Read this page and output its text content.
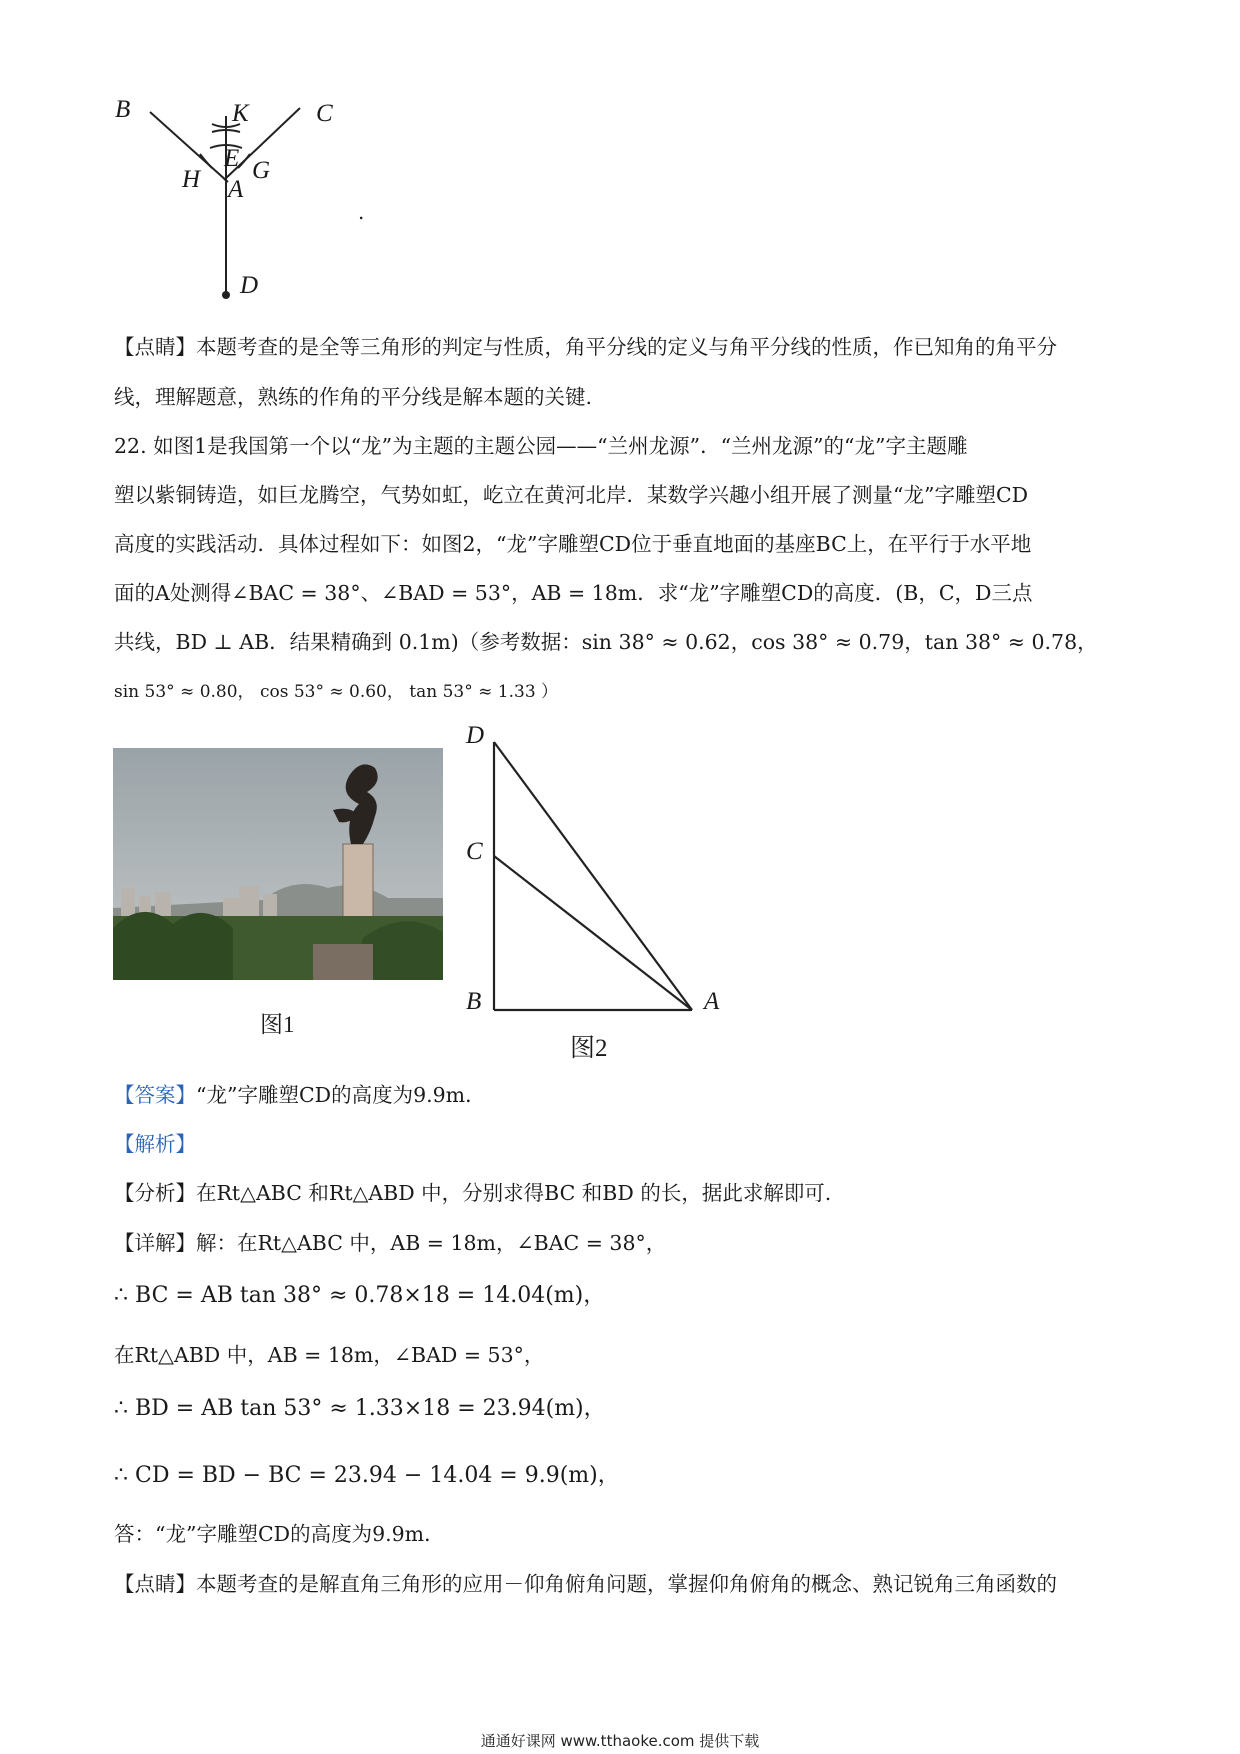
B	K	C
E
H G
A
D
.
【点睛】本题考查的是全等三角形的判定与性质，角平分线的定义与角平分线的性质，作已知角的角平分
线，理解题意，熟练的作角的平分线是解本题的关键.
22. 如图1是我国第一个以“龙”为主题的主题公园——“兰州龙源”．“兰州龙源”的“龙”字主题雕
塑以紫铜铸造，如巨龙腾空，气势如虹，屹立在黄河北岸．某数学兴趣小组开展了测量“龙”字雕塑CD
高度的实践活动．具体过程如下：如图2，“龙”字雕塑CD位于垂直地面的基座BC上，在平行于水平地
面的A处测得∠BAC = 38°、∠BAD = 53°，AB = 18m．求“龙”字雕塑CD的高度．(B，C，D三点
共线，BD ⊥ AB．结果精确到 0.1m)（参考数据：sin 38° ≈ 0.62，cos 38° ≈ 0.79，tan 38° ≈ 0.78，
sin 53° ≈ 0.80， cos 53° ≈ 0.60， tan 53° ≈ 1.33 ）
图1
D
C
B	A
图2
【答案】“龙”字雕塑CD的高度为9.9m．
【解析】
【分析】在Rt△ABC 和Rt△ABD 中，分别求得BC 和BD 的长，据此求解即可.
【详解】解：在Rt△ABC 中，AB = 18m，∠BAC = 38°，
∴ BC = AB tan 38° ≈ 0.78×18 = 14.04(m)，
在Rt△ABD 中，AB = 18m，∠BAD = 53°，
∴ BD = AB tan 53° ≈ 1.33×18 = 23.94(m)，
∴ CD = BD − BC = 23.94 − 14.04 = 9.9(m)，
答：“龙”字雕塑CD的高度为9.9m．
【点睛】本题考查的是解直角三角形的应用－仰角俯角问题，掌握仰角俯角的概念、熟记锐角三角函数的
通通好课网 www.tthaoke.com 提供下载
